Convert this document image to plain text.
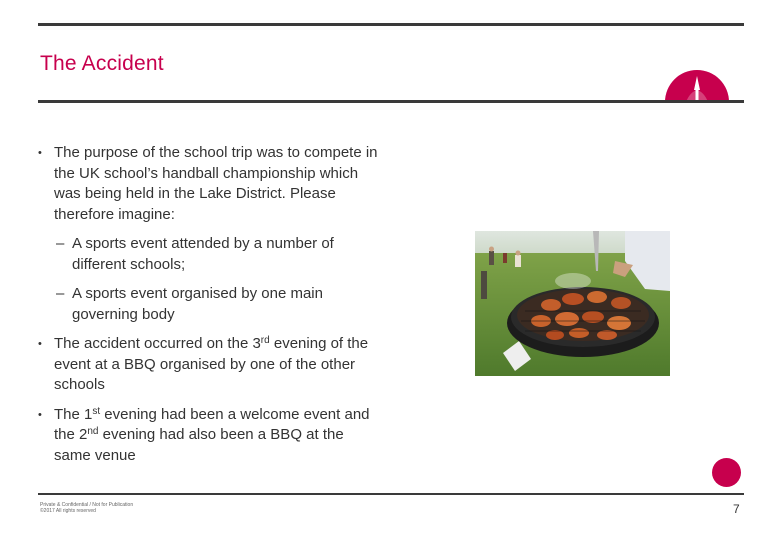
The Accident
• The purpose of the school trip was to compete in the UK school’s handball championship which was being held in the Lake District. Please therefore imagine:
– A sports event attended by a number of different schools;
– A sports event organised by one main governing body
• The accident occurred on the 3rd evening of the event at a BBQ organised by one of the other schools
• The 1st evening had been a welcome event and the 2nd evening had also been a BBQ at the same venue
Private & Confidential / Not for Publication
©2017 All rights reserved	7
